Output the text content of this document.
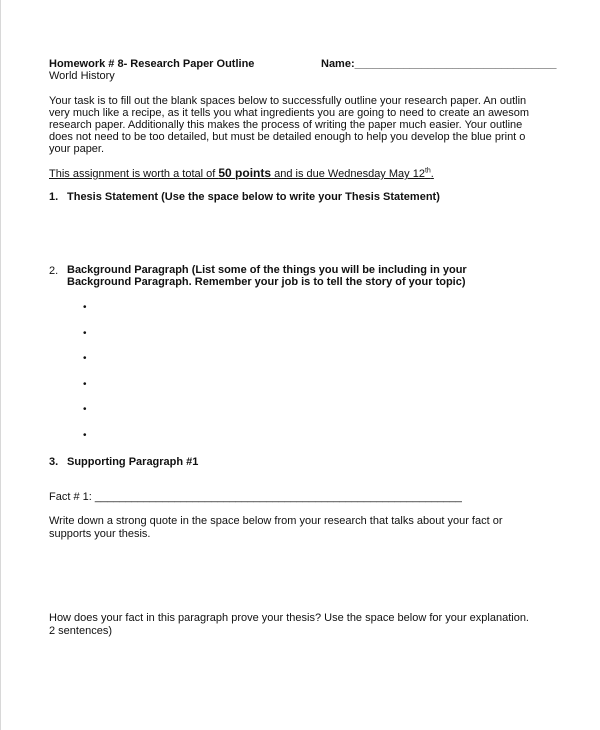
Homework # 8- Research Paper Outline	Name:_________________________________
World History
Your task is to fill out the blank spaces below to successfully outline your research paper. An outlin
very much like a recipe, as it tells you what ingredients you are going to need to create an awesom
research paper. Additionally this makes the process of writing the paper much easier. Your outline
does not need to be too detailed, but must be detailed enough to help you develop the blue print o
your paper.
This assignment is worth a total of 50 points and is due Wednesday May 12th.
1. Thesis Statement (Use the space below to write your Thesis Statement)
2. Background Paragraph (List some of the things you will be including in your
Background Paragraph. Remember your job is to tell the story of your topic)
•
•
•
•
•
•
3. Supporting Paragraph #1
Fact # 1: ____________________________________________________________
Write down a strong quote in the space below from your research that talks about your fact or
supports your thesis.
How does your fact in this paragraph prove your thesis? Use the space below for your explanation.
2 sentences)
